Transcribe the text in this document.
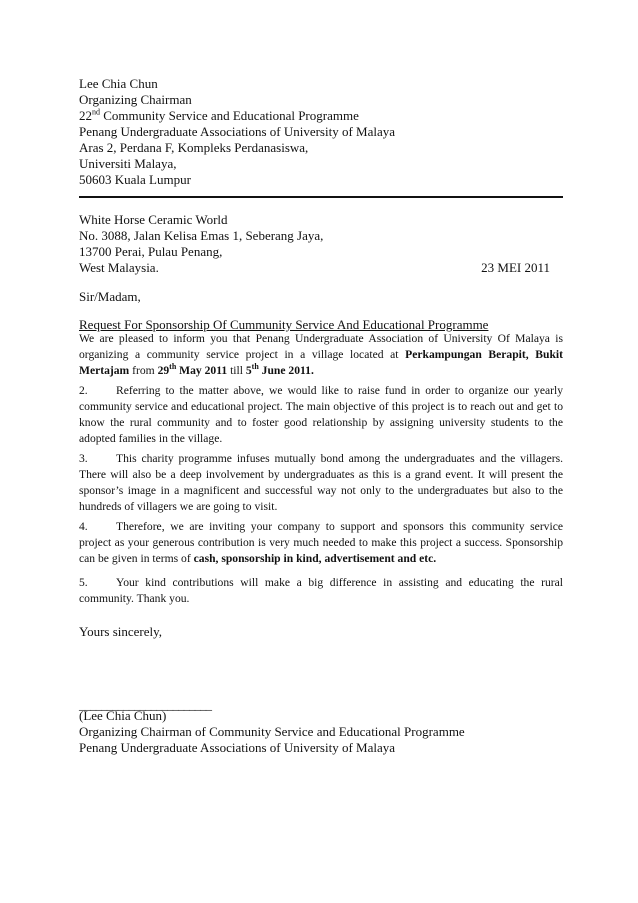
Lee Chia Chun
Organizing Chairman
22nd Community Service and Educational Programme
Penang Undergraduate Associations of University of Malaya
Aras 2, Perdana F, Kompleks Perdanasiswa,
Universiti Malaya,
50603 Kuala Lumpur
White Horse Ceramic World
No. 3088, Jalan Kelisa Emas 1, Seberang Jaya,
13700 Perai, Pulau Penang,
West Malaysia.	23 MEI 2011
Sir/Madam,
Request For Sponsorship Of Cummunity Service And Educational Programme
We are pleased to inform you that Penang Undergraduate Association of University Of Malaya is organizing a community service project in a village located at Perkampungan Berapit, Bukit Mertajam from 29th May 2011 till 5th June 2011.
2. Referring to the matter above, we would like to raise fund in order to organize our yearly community service and educational project. The main objective of this project is to reach out and get to know the rural community and to foster good relationship by assigning university students to the adopted families in the village.
3. This charity programme infuses mutually bond among the undergraduates and the villagers. There will also be a deep involvement by undergraduates as this is a grand event. It will present the sponsor’s image in a magnificent and successful way not only to the undergraduates but also to the hundreds of villagers we are going to visit.
4. Therefore, we are inviting your company to support and sponsors this community service project as your generous contribution is very much needed to make this project a success. Sponsorship can be given in terms of cash, sponsorship in kind, advertisement and etc.
5. Your kind contributions will make a big difference in assisting and educating the rural community. Thank you.
Yours sincerely,
________________________
(Lee Chia Chun)
Organizing Chairman of Community Service and Educational Programme
Penang Undergraduate Associations of University of Malaya
